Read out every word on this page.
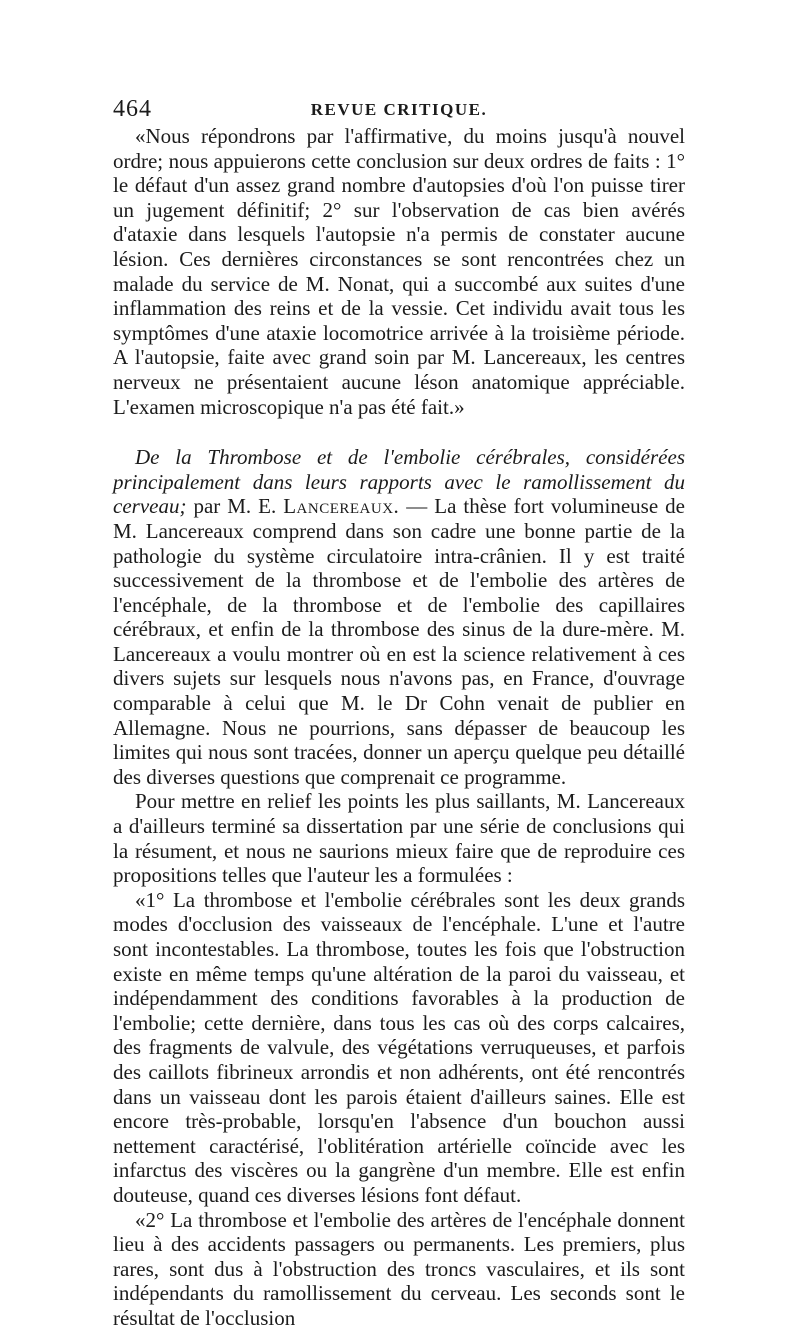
464	REVUE CRITIQUE.

«Nous répondrons par l'affirmative, du moins jusqu'à nouvel ordre; nous appuierons cette conclusion sur deux ordres de faits : 1° le défaut d'un assez grand nombre d'autopsies d'où l'on puisse tirer un jugement définitif; 2° sur l'observation de cas bien avérés d'ataxie dans lesquels l'autopsie n'a permis de constater aucune lésion. Ces dernières circonstances se sont rencontrées chez un malade du service de M. Nonat, qui a succombé aux suites d'une inflammation des reins et de la vessie. Cet individu avait tous les symptômes d'une ataxie locomotrice arrivée à la troisième période. A l'autopsie, faite avec grand soin par M. Lancereaux, les centres nerveux ne présentaient aucune léson anatomique appréciable. L'examen microscopique n'a pas été fait.»

De la Thrombose et de l'embolie cérébrales, considérées principalement dans leurs rapports avec le ramollissement du cerveau; par M. E. Lancereaux. — La thèse fort volumineuse de M. Lancereaux comprend dans son cadre une bonne partie de la pathologie du système circulatoire intra-crânien. Il y est traité successivement de la thrombose et de l'embolie des artères de l'encéphale, de la thrombose et de l'embolie des capillaires cérébraux, et enfin de la thrombose des sinus de la dure-mère. M. Lancereaux a voulu montrer où en est la science relativement à ces divers sujets sur lesquels nous n'avons pas, en France, d'ouvrage comparable à celui que M. le Dr Cohn venait de publier en Allemagne. Nous ne pourrions, sans dépasser de beaucoup les limites qui nous sont tracées, donner un aperçu quelque peu détaillé des diverses questions que comprenait ce programme.

Pour mettre en relief les points les plus saillants, M. Lancereaux a d'ailleurs terminé sa dissertation par une série de conclusions qui la résument, et nous ne saurions mieux faire que de reproduire ces propositions telles que l'auteur les a formulées :

«1° La thrombose et l'embolie cérébrales sont les deux grands modes d'occlusion des vaisseaux de l'encéphale. L'une et l'autre sont incontestables. La thrombose, toutes les fois que l'obstruction existe en même temps qu'une altération de la paroi du vaisseau, et indépendamment des conditions favorables à la production de l'embolie; cette dernière, dans tous les cas où des corps calcaires, des fragments de valvule, des végétations verruqueuses, et parfois des caillots fibrineux arrondis et non adhérents, ont été rencontrés dans un vaisseau dont les parois étaient d'ailleurs saines. Elle est encore très-probable, lorsqu'en l'absence d'un bouchon aussi nettement caractérisé, l'oblitération artérielle coïncide avec les infarctus des viscères ou la gangrène d'un membre. Elle est enfin douteuse, quand ces diverses lésions font défaut.

«2° La thrombose et l'embolie des artères de l'encéphale donnent lieu à des accidents passagers ou permanents. Les premiers, plus rares, sont dus à l'obstruction des troncs vasculaires, et ils sont indépendants du ramollissement du cerveau. Les seconds sont le résultat de l'occlusion
